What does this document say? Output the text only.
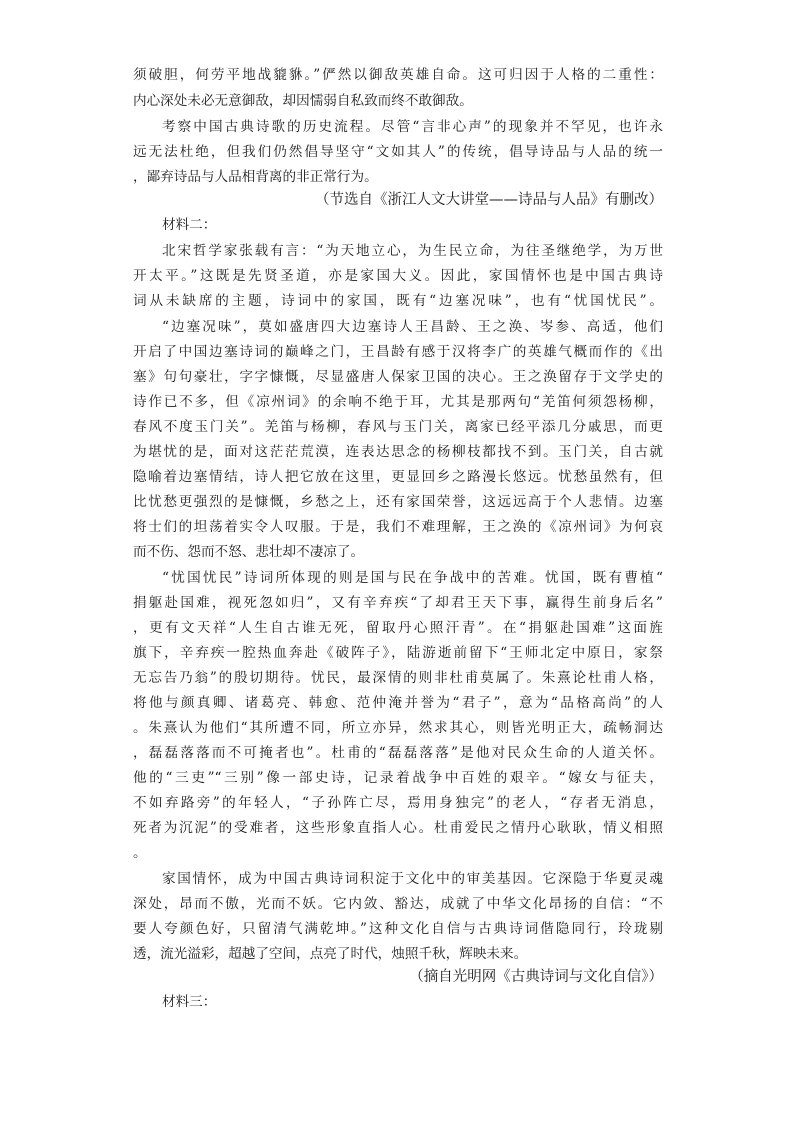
须破胆，何劳平地战貔貅。”俨然以御敌英雄自命。这可归因于人格的二重性：
内心深处未必无意御敌，却因懦弱自私致而终不敢御敌。
考察中国古典诗歌的历史流程。尽管“言非心声”的现象并不罕见，也许永
远无法杜绝，但我们仍然倡导坚守“文如其人”的传统，倡导诗品与人品的统一
，鄙弃诗品与人品相背离的非正常行为。
（节选自《浙江人文大讲堂——诗品与人品》有删改）
材料二：
北宋哲学家张载有言：“为天地立心，为生民立命，为往圣继绝学，为万世
开太平。”这既是先贤圣道，亦是家国大义。因此，家国情怀也是中国古典诗
词从未缺席的主题，诗词中的家国，既有“边塞况味”，也有“忧国忧民”。
“边塞况味”，莫如盛唐四大边塞诗人王昌龄、王之涣、岑参、高适，他们
开启了中国边塞诗词的巅峰之门，王昌龄有感于汉将李广的英雄气概而作的《出
塞》句句豪壮，字字慷慨，尽显盛唐人保家卫国的决心。王之涣留存于文学史的
诗作已不多，但《凉州词》的余响不绝于耳，尤其是那两句“羌笛何须怨杨柳，
春风不度玉门关”。羌笛与杨柳，春风与玉门关，离家已经平添几分戚思，而更
为堪忧的是，面对这茫茫荒漠，连表达思念的杨柳枝都找不到。玉门关，自古就
隐喻着边塞情结，诗人把它放在这里，更显回乡之路漫长悠远。忧愁虽然有，但
比忧愁更强烈的是慷慨，乡愁之上，还有家国荣誉，这远远高于个人悲情。边塞
将士们的坦荡着实令人叹服。于是，我们不难理解，王之涣的《凉州词》为何哀
而不伤、怨而不怒、悲壮却不凄凉了。
“忧国忧民”诗词所体现的则是国与民在争战中的苦难。忧国，既有曹植“
捐躯赴国难，视死忽如归”，又有辛弃疾“了却君王天下事，赢得生前身后名”
，更有文天祥“人生自古谁无死，留取丹心照汗青”。在“捐躯赴国难”这面旌
旗下，辛弃疾一腔热血奔赴《破阵子》，陆游逝前留下“王师北定中原日，家祭
无忘告乃翁”的殷切期待。忧民，最深情的则非杜甫莫属了。朱熹论杜甫人格，
将他与颜真卿、诸葛亮、韩愈、范仲淹并誉为“君子”，意为“品格高尚”的人
。朱熹认为他们“其所遭不同，所立亦异，然求其心，则皆光明正大，疏畅洞达
，磊磊落落而不可掩者也”。杜甫的“磊磊落落”是他对民众生命的人道关怀。
他的“三吏”“三别”像一部史诗，记录着战争中百姓的艰辛。“嫁女与征夫，
不如弃路旁”的年轻人，“子孙阵亡尽，焉用身独完”的老人，“存者无消息，
死者为沉泥”的受难者，这些形象直指人心。杜甫爱民之情丹心耿耿，情义相照
。
家国情怀，成为中国古典诗词积淀于文化中的审美基因。它深隐于华夏灵魂
深处，昂而不傲，光而不妖。它内敛、豁达，成就了中华文化昂扬的自信：“不
要人夸颜色好，只留清气满乾坤。”这种文化自信与古典诗词偕隐同行，玲珑剔
透，流光溢彩，超越了空间，点亮了时代，烛照千秋，辉映未来。
（摘自光明网《古典诗词与文化自信》）
材料三：
